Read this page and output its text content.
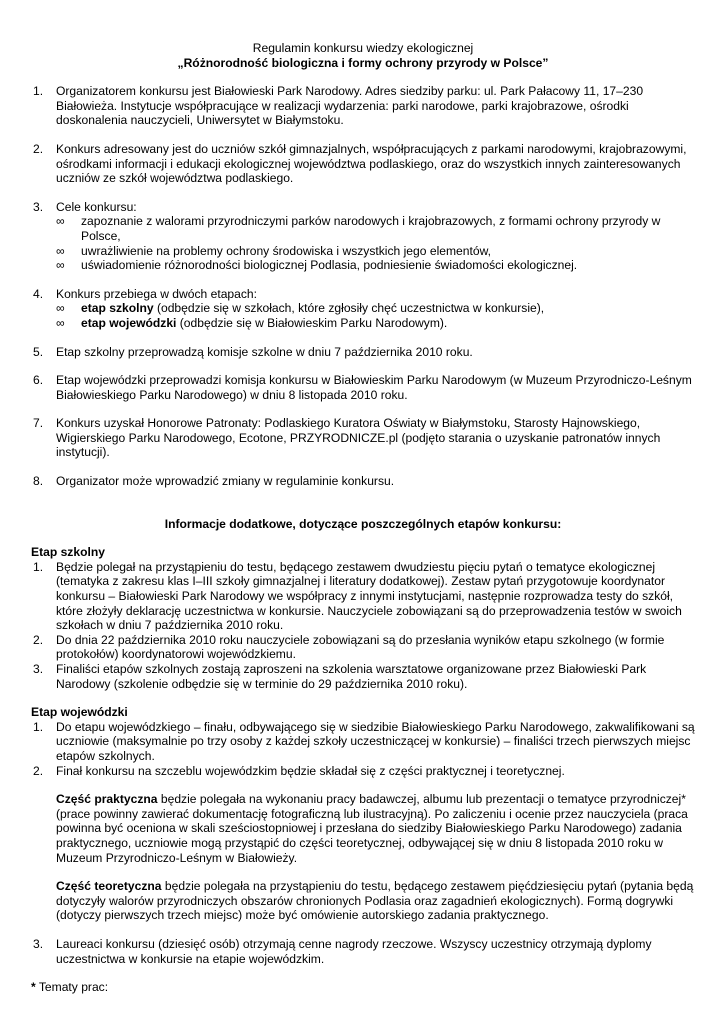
Regulamin konkursu wiedzy ekologicznej
„Różnorodność biologiczna i formy ochrony przyrody w Polsce”
1. Organizatorem konkursu jest Białowieski Park Narodowy. Adres siedziby parku: ul. Park Pałacowy 11, 17–230 Białowieża. Instytucje współpracujące w realizacji wydarzenia: parki narodowe, parki krajobrazowe, ośrodki doskonalenia nauczycieli, Uniwersytet w Białymstoku.
2. Konkurs adresowany jest do uczniów szkół gimnazjalnych, współpracujących z parkami narodowymi, krajobrazowymi, ośrodkami informacji i edukacji ekologicznej województwa podlaskiego, oraz do wszystkich innych zainteresowanych uczniów ze szkół województwa podlaskiego.
3. Cele konkursu:
∞ zapoznanie z walorami przyrodniczymi parków narodowych i krajobrazowych, z formami ochrony przyrody w Polsce,
∞ uwrażliwienie na problemy ochrony środowiska i wszystkich jego elementów,
∞ uświadomienie różnorodności biologicznej Podlasia, podniesienie świadomości ekologicznej.
4. Konkurs przebiega w dwóch etapach:
∞ etap szkolny (odbędzie się w szkołach, które zgłosiły chęć uczestnictwa w konkursie),
∞ etap wojewódzki (odbędzie się w Białowieskim Parku Narodowym).
5. Etap szkolny przeprowadzą komisje szkolne w dniu 7 października 2010 roku.
6. Etap wojewódzki przeprowadzi komisja konkursu w Białowieskim Parku Narodowym (w Muzeum Przyrodniczo-Leśnym Białowieskiego Parku Narodowego) w dniu 8 listopada 2010 roku.
7. Konkurs uzyskał Honorowe Patronaty: Podlaskiego Kuratora Oświaty w Białymstoku, Starosty Hajnowskiego, Wigierskiego Parku Narodowego, Ecotone, PRZYRODNICZE.pl (podjęto starania o uzyskanie patronatów innych instytucji).
8. Organizator może wprowadzić zmiany w regulaminie konkursu.
Informacje dodatkowe, dotyczące poszczególnych etapów konkursu:
Etap szkolny
1. Będzie polegał na przystąpieniu do testu, będącego zestawem dwudziestu pięciu pytań o tematyce ekologicznej (tematyka z zakresu klas I–III szkoły gimnazjalnej i literatury dodatkowej). Zestaw pytań przygotowuje koordynator konkursu – Białowieski Park Narodowy we współpracy z innymi instytucjami, następnie rozprowadza testy do szkół, które złożyły deklarację uczestnictwa w konkursie. Nauczyciele zobowiązani są do przeprowadzenia testów w swoich szkołach w dniu 7 października 2010 roku.
2. Do dnia 22 października 2010 roku nauczyciele zobowiązani są do przesłania wyników etapu szkolnego (w formie protokołów) koordynatorowi wojewódzkiemu.
3. Finaliści etapów szkolnych zostają zaproszeni na szkolenia warsztatowe organizowane przez Białowieski Park Narodowy (szkolenie odbędzie się w terminie do 29 października 2010 roku).
Etap wojewódzki
1. Do etapu wojewódzkiego – finału, odbywającego się w siedzibie Białowieskiego Parku Narodowego, zakwalifikowani są uczniowie (maksymalnie po trzy osoby z każdej szkoły uczestniczącej w konkursie) – finaliści trzech pierwszych miejsc etapów szkolnych.
2. Finał konkursu na szczeblu wojewódzkim będzie składał się z części praktycznej i teoretycznej.
Część praktyczna będzie polegała na wykonaniu pracy badawczej, albumu lub prezentacji o tematyce przyrodniczej* (prace powinny zawierać dokumentację fotograficzną lub ilustracyjną). Po zaliczeniu i ocenie przez nauczyciela (praca powinna być oceniona w skali sześciostopniowej i przesłana do siedziby Białowieskiego Parku Narodowego) zadania praktycznego, uczniowie mogą przystąpić do części teoretycznej, odbywającej się w dniu 8 listopada 2010 roku w Muzeum Przyrodniczo-Leśnym w Białowieży.
Część teoretyczna będzie polegała na przystąpieniu do testu, będącego zestawem pięćdziesięciu pytań (pytania będą dotyczyły walorów przyrodniczych obszarów chronionych Podlasia oraz zagadnień ekologicznych). Formą dogrywki (dotyczy pierwszych trzech miejsc) może być omówienie autorskiego zadania praktycznego.
3. Laureaci konkursu (dziesięć osób) otrzymają cenne nagrody rzeczowe. Wszyscy uczestnicy otrzymają dyplomy uczestnictwa w konkursie na etapie wojewódzkim.
* Tematy prac:
